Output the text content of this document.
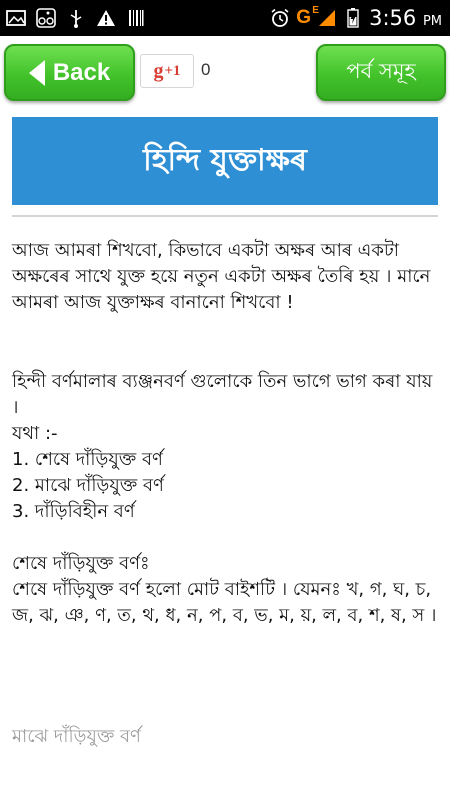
G E 3:56 PM
Back g +1 0	পৰ্ব সমূহ
হিন্দি যুক্তাক্ষৰ

আজ আমৰা শিখবো, কিভাবে একটা অক্ষৰ আৰ একটা অক্ষৰেৰ সাথে যুক্ত হয়ে নতুন একটা অক্ষৰ তৈৰি হয় । মানে আমৰা আজ যুক্তাক্ষৰ বানানো শিখবো !

হিন্দী বৰ্ণমালাৰ ব্যঞ্জনবৰ্ণ গুলোকে তিন ভাগে ভাগ কৰা যায় ।

যথা :-

1. শেষে দাঁড়িযুক্ত বৰ্ণ

2. মাঝে দাঁড়িযুক্ত বৰ্ণ

3. দাঁড়িবিহীন বৰ্ণ

শেষে দাঁড়িযুক্ত বৰ্ণঃ

শেষে দাঁড়িযুক্ত বৰ্ণ হলো মোট বাইশটি । যেমনঃ খ, গ, ঘ, চ, জ, ঝ, ঞ, ণ, ত, থ, ধ, ন, প, ব, ভ, ম, য়, ল, ব, শ, ষ, স ।

মাঝে দাঁড়িযুক্ত বৰ্ণ
